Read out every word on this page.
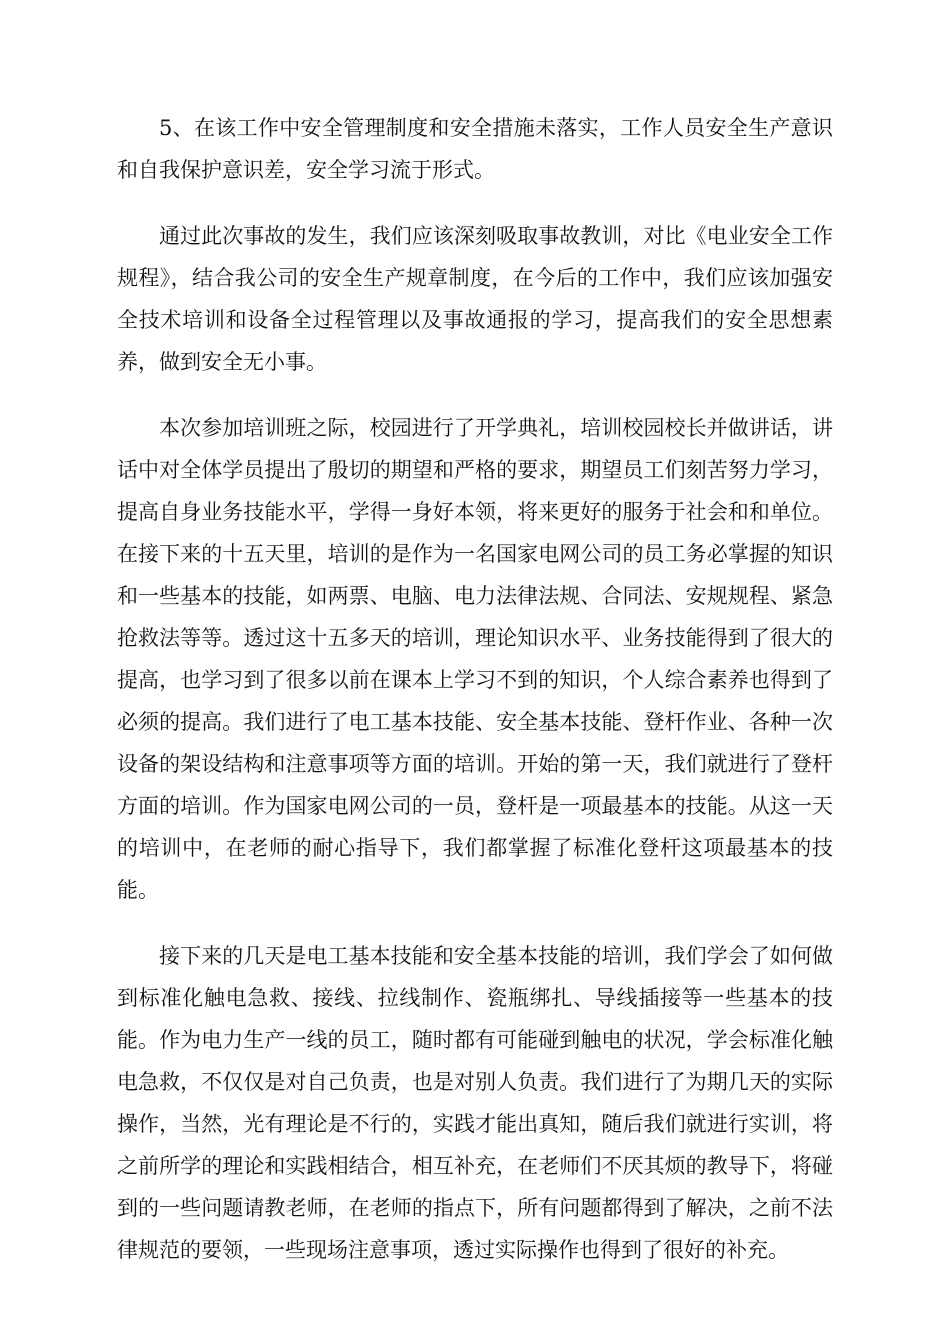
5、在该工作中安全管理制度和安全措施未落实，工作人员安全生产意识和自我保护意识差，安全学习流于形式。

通过此次事故的发生，我们应该深刻吸取事故教训，对比《电业安全工作规程》，结合我公司的安全生产规章制度，在今后的工作中，我们应该加强安全技术培训和设备全过程管理以及事故通报的学习，提高我们的安全思想素养，做到安全无小事。

本次参加培训班之际，校园进行了开学典礼，培训校园校长并做讲话，讲话中对全体学员提出了殷切的期望和严格的要求，期望员工们刻苦努力学习，提高自身业务技能水平，学得一身好本领，将来更好的服务于社会和和单位。在接下来的十五天里，培训的是作为一名国家电网公司的员工务必掌握的知识和一些基本的技能，如两票、电脑、电力法律法规、合同法、安规规程、紧急抢救法等等。透过这十五多天的培训，理论知识水平、业务技能得到了很大的提高，也学习到了很多以前在课本上学习不到的知识，个人综合素养也得到了必须的提高。我们进行了电工基本技能、安全基本技能、登杆作业、各种一次设备的架设结构和注意事项等方面的培训。开始的第一天，我们就进行了登杆方面的培训。作为国家电网公司的一员，登杆是一项最基本的技能。从这一天的培训中，在老师的耐心指导下，我们都掌握了标准化登杆这项最基本的技能。

接下来的几天是电工基本技能和安全基本技能的培训，我们学会了如何做到标准化触电急救、接线、拉线制作、瓷瓶绑扎、导线插接等一些基本的技能。作为电力生产一线的员工，随时都有可能碰到触电的状况，学会标准化触电急救，不仅仅是对自己负责，也是对别人负责。我们进行了为期几天的实际操作，当然，光有理论是不行的，实践才能出真知，随后我们就进行实训，将之前所学的理论和实践相结合，相互补充，在老师们不厌其烦的教导下，将碰到的一些问题请教老师，在老师的指点下，所有问题都得到了解决，之前不法律规范的要领，一些现场注意事项，透过实际操作也得到了很好的补充。
